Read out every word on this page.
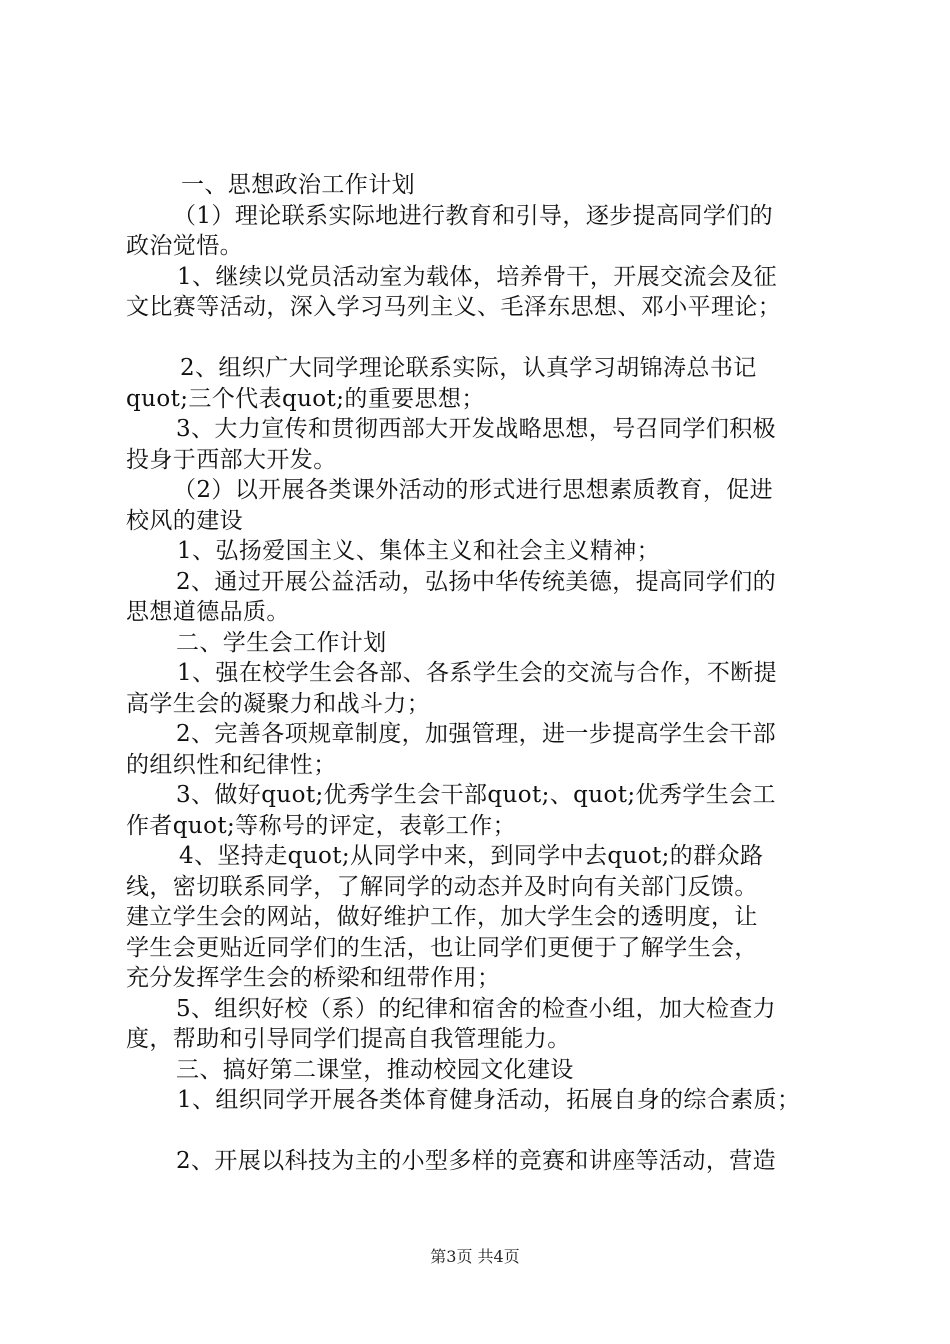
一、思想政治工作计划
（1）理论联系实际地进行教育和引导，逐步提高同学们的
政治觉悟。
1、继续以党员活动室为载体，培养骨干，开展交流会及征
文比赛等活动，深入学习马列主义、毛泽东思想、邓小平理论；
2、组织广大同学理论联系实际，认真学习胡锦涛总书记
quot;三个代表quot;的重要思想；
3、大力宣传和贯彻西部大开发战略思想，号召同学们积极
投身于西部大开发。
（2）以开展各类课外活动的形式进行思想素质教育，促进
校风的建设
1、弘扬爱国主义、集体主义和社会主义精神；
2、通过开展公益活动，弘扬中华传统美德，提高同学们的
思想道德品质。
二、学生会工作计划
1、强在校学生会各部、各系学生会的交流与合作，不断提
高学生会的凝聚力和战斗力；
2、完善各项规章制度，加强管理，进一步提高学生会干部
的组织性和纪律性；
3、做好quot;优秀学生会干部quot;、quot;优秀学生会工
作者quot;等称号的评定，表彰工作；
4、坚持走quot;从同学中来，到同学中去quot;的群众路
线，密切联系同学，了解同学的动态并及时向有关部门反馈。
建立学生会的网站，做好维护工作，加大学生会的透明度，让
学生会更贴近同学们的生活，也让同学们更便于了解学生会，
充分发挥学生会的桥梁和纽带作用；
5、组织好校（系）的纪律和宿舍的检查小组，加大检查力
度，帮助和引导同学们提高自我管理能力。
三、搞好第二课堂，推动校园文化建设
1、组织同学开展各类体育健身活动，拓展自身的综合素质；
2、开展以科技为主的小型多样的竞赛和讲座等活动，营造
第3页 共4页
